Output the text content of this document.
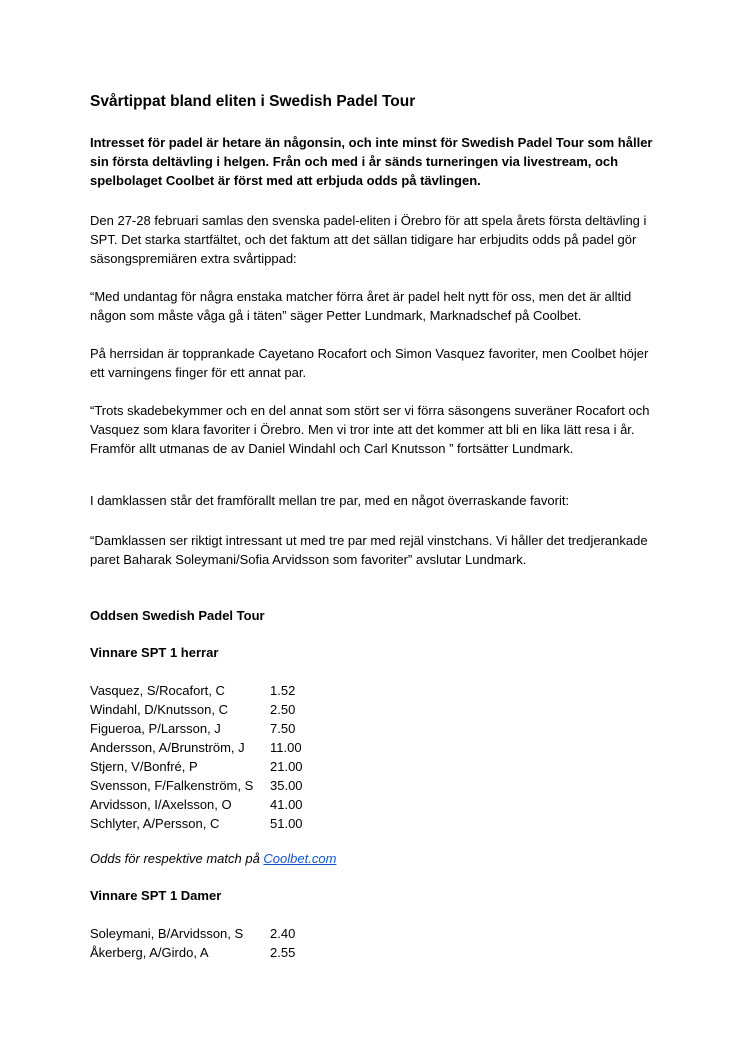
Svårtippat bland eliten i Swedish Padel Tour

Intresset för padel är hetare än någonsin, och inte minst för Swedish Padel Tour som håller sin första deltävling i helgen. Från och med i år sänds turneringen via livestream, och spelbolaget Coolbet är först med att erbjuda odds på tävlingen.

Den 27-28 februari samlas den svenska padel-eliten i Örebro för att spela årets första deltävling i SPT. Det starka startfältet, och det faktum att det sällan tidigare har erbjudits odds på padel gör säsongspremiären extra svårtippad:

“Med undantag för några enstaka matcher förra året är padel helt nytt för oss, men det är alltid någon som måste våga gå i täten” säger Petter Lundmark, Marknadschef på Coolbet.

På herrsidan är topprankade Cayetano Rocafort och Simon Vasquez favoriter, men Coolbet höjer ett varningens finger för ett annat par.

“Trots skadebekymmer och en del annat som stört ser vi förra säsongens suveräner Rocafort och Vasquez som klara favoriter i Örebro. Men vi tror inte att det kommer att bli en lika lätt resa i år. Framför allt utmanas de av Daniel Windahl och Carl Knutsson ” fortsätter Lundmark.

I damklassen står det framförallt mellan tre par, med en något överraskande favorit:

“Damklassen ser riktigt intressant ut med tre par med rejäl vinstchans. Vi håller det tredjerankade paret Baharak Soleymani/Sofia Arvidsson som favoriter” avslutar Lundmark.

Oddsen Swedish Padel Tour

Vinnare SPT 1 herrar

Vasquez, S/Rocafort, C	1.52
Windahl, D/Knutsson, C	2.50
Figueroa, P/Larsson, J	7.50
Andersson, A/Brunström, J	11.00
Stjern, V/Bonfré, P	21.00
Svensson, F/Falkenström, S	35.00
Arvidsson, I/Axelsson, O	41.00
Schlyter, A/Persson, C	51.00

Odds för respektive match på Coolbet.com

Vinnare SPT 1 Damer

Soleymani, B/Arvidsson, S	2.40
Åkerberg, A/Girdo, A	2.55
